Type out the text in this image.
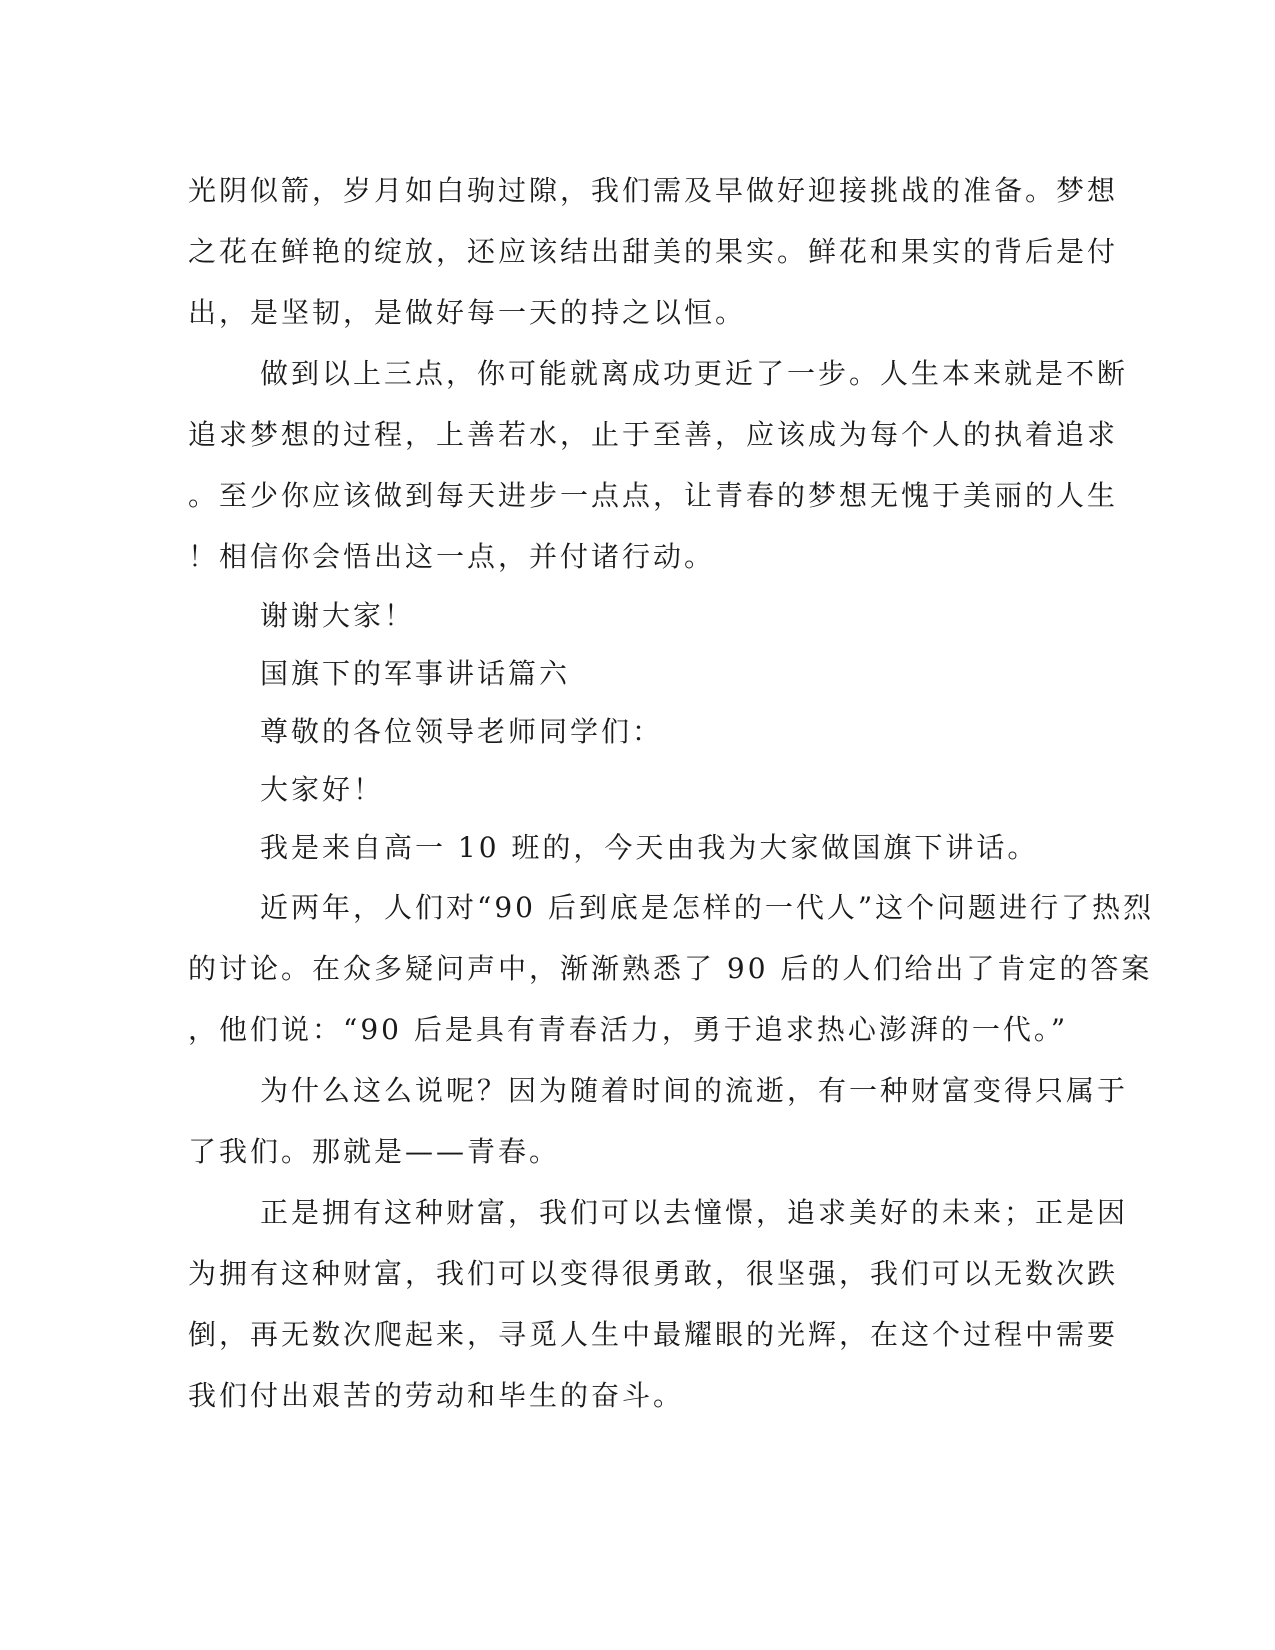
光阴似箭，岁月如白驹过隙，我们需及早做好迎接挑战的准备。梦想
之花在鲜艳的绽放，还应该结出甜美的果实。鲜花和果实的背后是付
出，是坚韧，是做好每一天的持之以恒。
做到以上三点，你可能就离成功更近了一步。人生本来就是不断
追求梦想的过程，上善若水，止于至善，应该成为每个人的执着追求
。至少你应该做到每天进步一点点，让青春的梦想无愧于美丽的人生
！相信你会悟出这一点，并付诸行动。
谢谢大家！
国旗下的军事讲话篇六
尊敬的各位领导老师同学们：
大家好！
我是来自高一 10 班的，今天由我为大家做国旗下讲话。
近两年，人们对“90 后到底是怎样的一代人”这个问题进行了热烈
的讨论。在众多疑问声中，渐渐熟悉了 90 后的人们给出了肯定的答案
，他们说：“90 后是具有青春活力，勇于追求热心澎湃的一代。”
为什么这么说呢？因为随着时间的流逝，有一种财富变得只属于
了我们。那就是——青春。
正是拥有这种财富，我们可以去憧憬，追求美好的未来；正是因
为拥有这种财富，我们可以变得很勇敢，很坚强，我们可以无数次跌
倒，再无数次爬起来，寻觅人生中最耀眼的光辉，在这个过程中需要
我们付出艰苦的劳动和毕生的奋斗。
